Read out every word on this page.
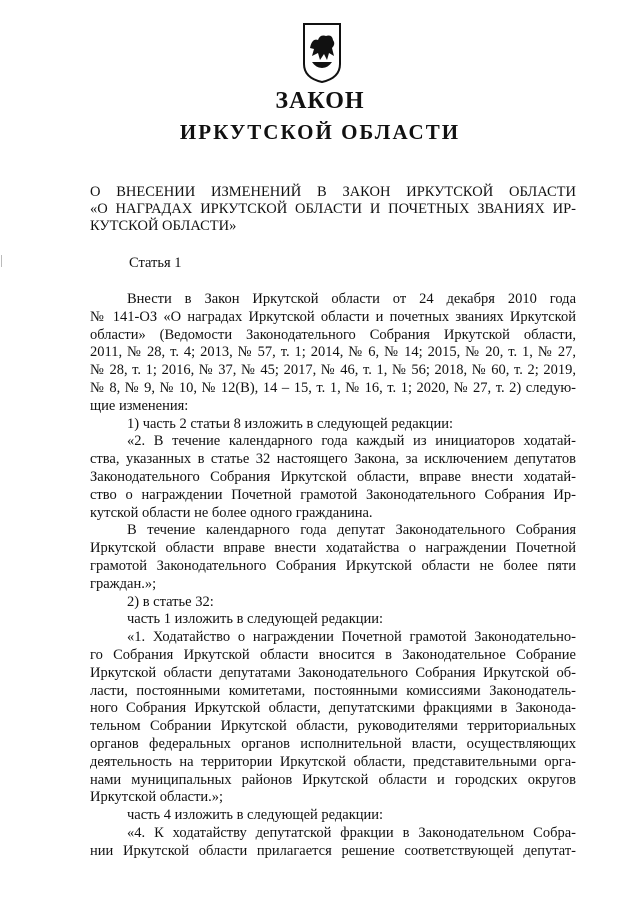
ЗАКОН
ИРКУТСКОЙ ОБЛАСТИ
О ВНЕСЕНИИ ИЗМЕНЕНИЙ В ЗАКОН ИРКУТСКОЙ ОБЛАСТИ
«О НАГРАДАХ ИРКУТСКОЙ ОБЛАСТИ И ПОЧЕТНЫХ ЗВАНИЯХ ИР-
КУТСКОЙ ОБЛАСТИ»
Статья 1
Внести в Закон Иркутской области от 24 декабря 2010 года
№ 141-ОЗ «О наградах Иркутской области и почетных званиях Иркутской
области» (Ведомости Законодательного Собрания Иркутской области,
2011, № 28, т. 4; 2013, № 57, т. 1; 2014, № 6, № 14; 2015, № 20, т. 1, № 27,
№ 28, т. 1; 2016, № 37, № 45; 2017, № 46, т. 1, № 56; 2018, № 60, т. 2; 2019,
№ 8, № 9, № 10, № 12(В), 14 – 15, т. 1, № 16, т. 1; 2020, № 27, т. 2) следую-
щие изменения:
1) часть 2 статьи 8 изложить в следующей редакции:
«2. В течение календарного года каждый из инициаторов ходатай-
ства, указанных в статье 32 настоящего Закона, за исключением депутатов
Законодательного Собрания Иркутской области, вправе внести ходатай-
ство о награждении Почетной грамотой Законодательного Собрания Ир-
кутской области не более одного гражданина.
В течение календарного года депутат Законодательного Собрания
Иркутской области вправе внести ходатайства о награждении Почетной
грамотой Законодательного Собрания Иркутской области не более пяти
граждан.»;
2) в статье 32:
часть 1 изложить в следующей редакции:
«1. Ходатайство о награждении Почетной грамотой Законодательно-
го Собрания Иркутской области вносится в Законодательное Собрание
Иркутской области депутатами Законодательного Собрания Иркутской об-
ласти, постоянными комитетами, постоянными комиссиями Законодатель-
ного Собрания Иркутской области, депутатскими фракциями в Законода-
тельном Собрании Иркутской области, руководителями территориальных
органов федеральных органов исполнительной власти, осуществляющих
деятельность на территории Иркутской области, представительными орга-
нами муниципальных районов Иркутской области и городских округов
Иркутской области.»;
часть 4 изложить в следующей редакции:
«4. К ходатайству депутатской фракции в Законодательном Собра-
нии Иркутской области прилагается решение соответствующей депутат-
